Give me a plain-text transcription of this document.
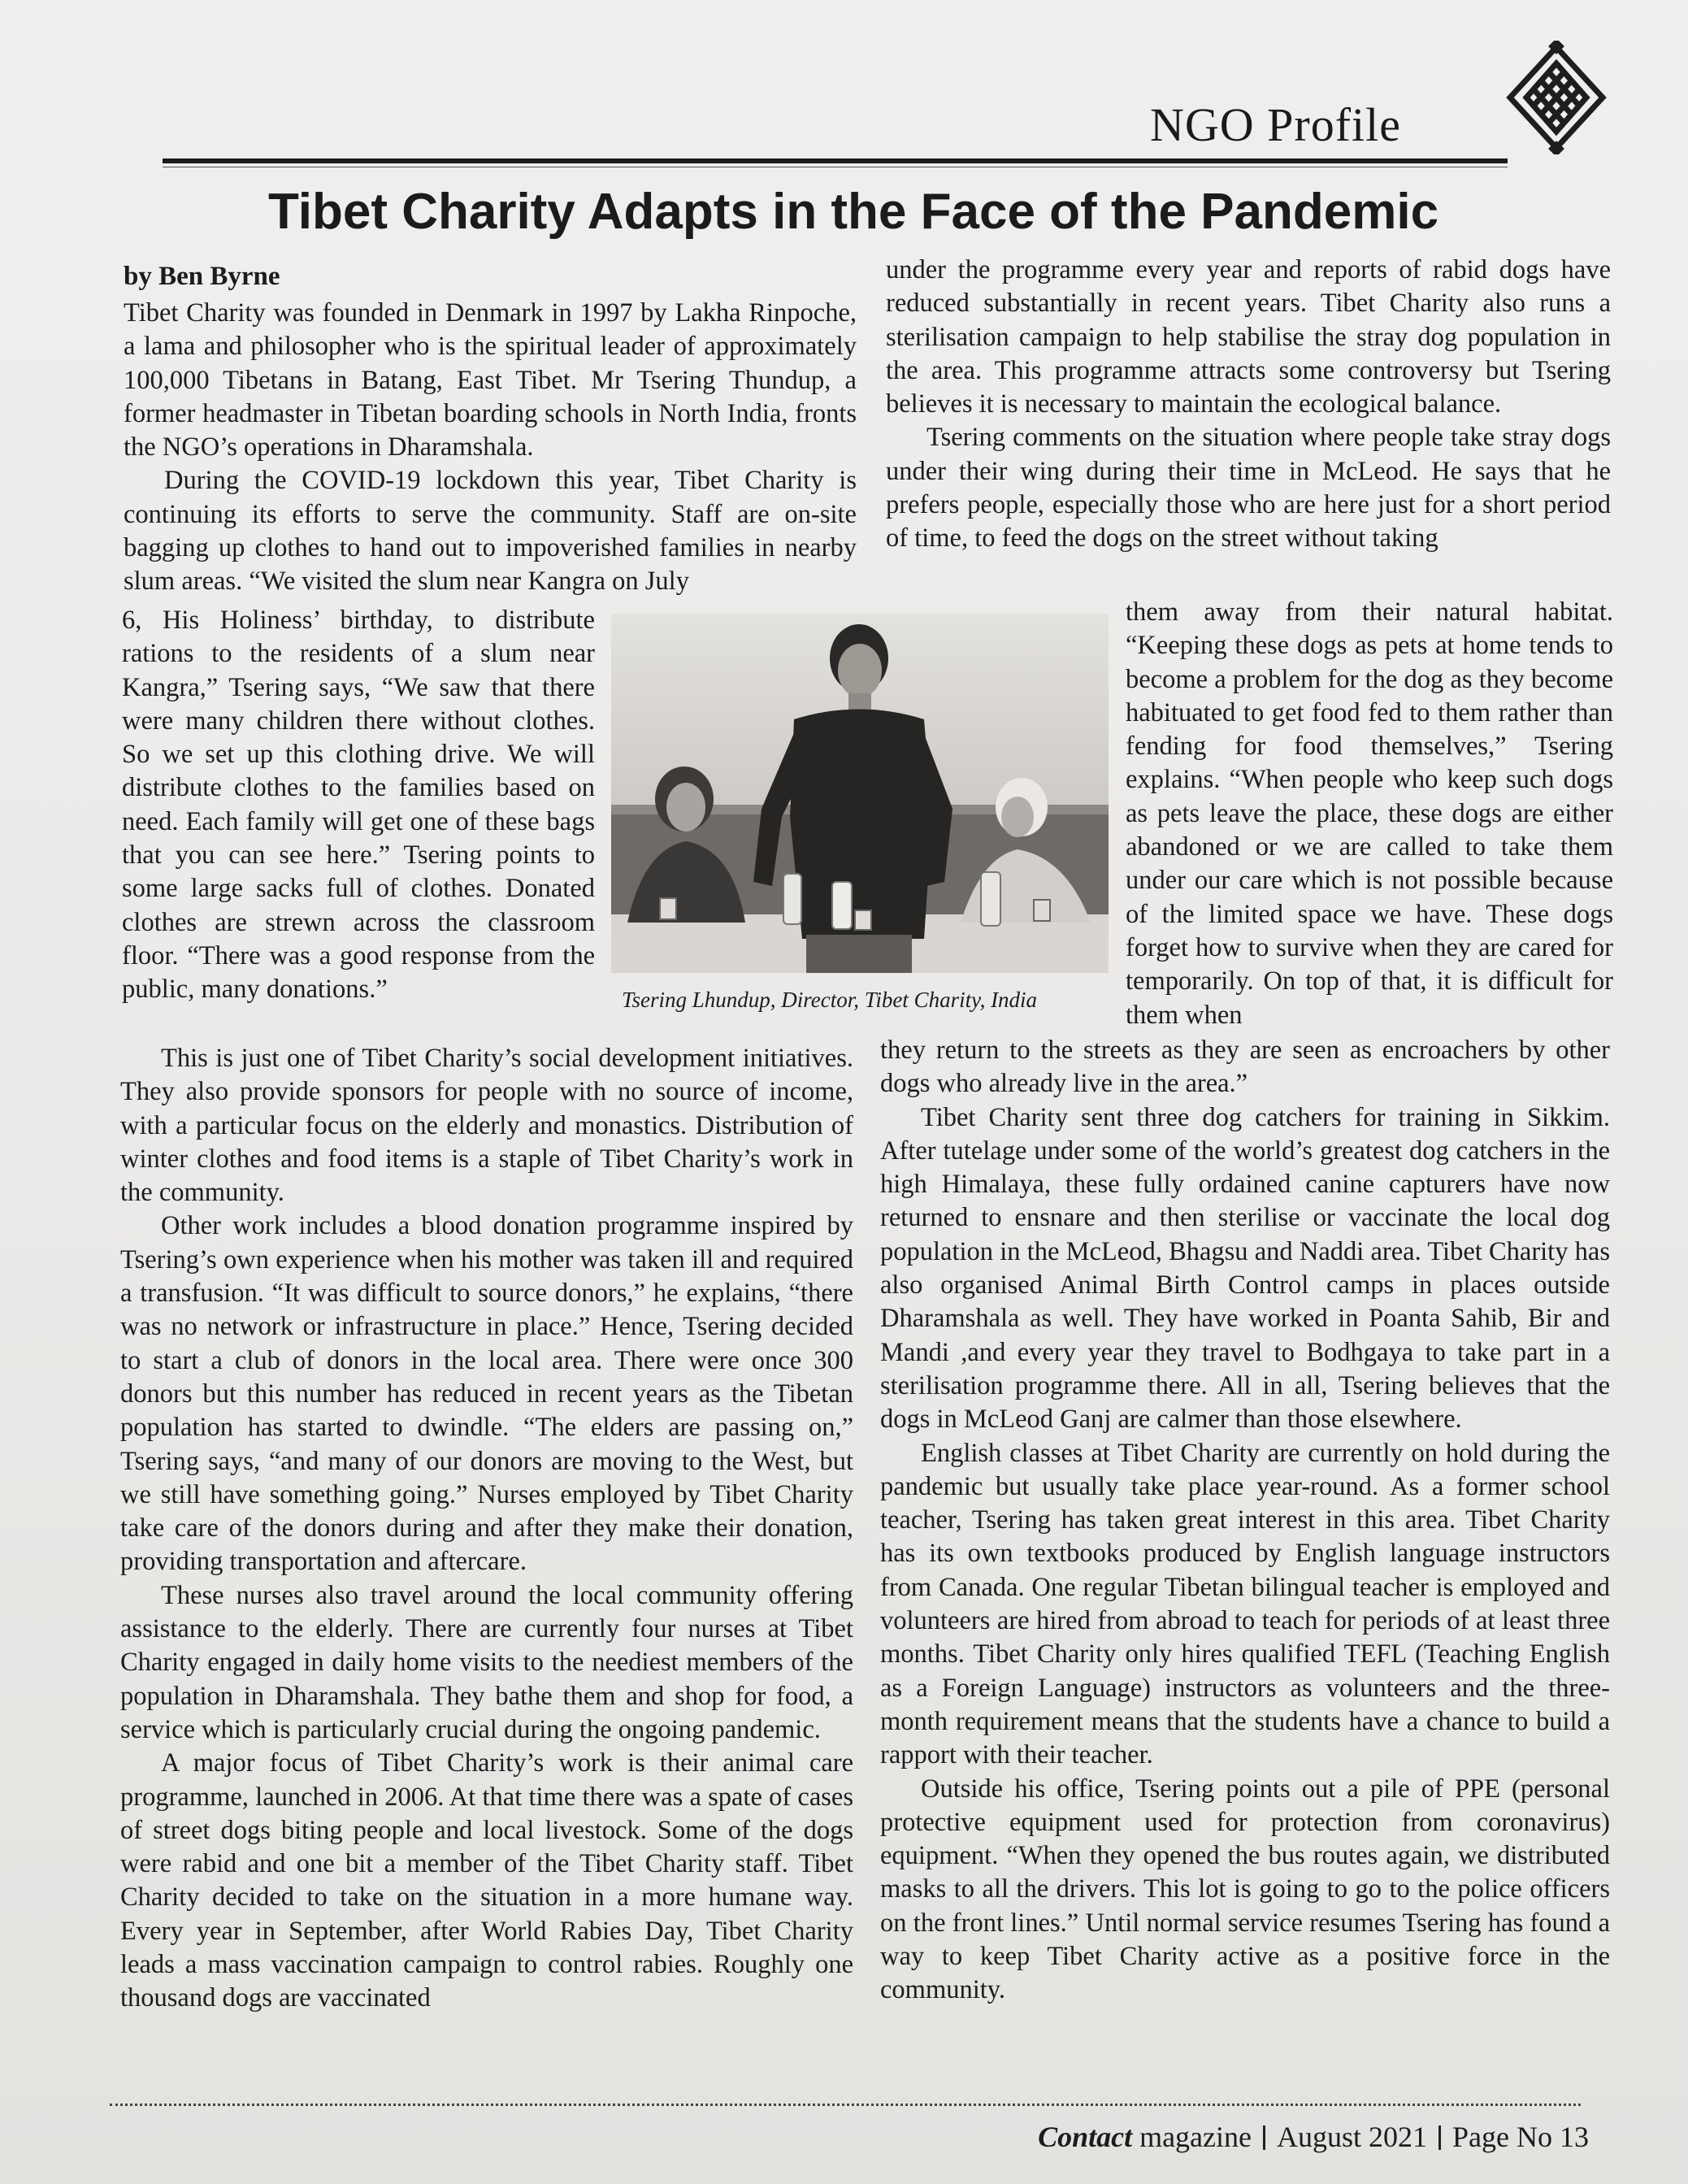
NGO Profile
Tibet Charity Adapts in the Face of the Pandemic
by Ben Byrne

Tibet Charity was founded in Denmark in 1997 by Lakha Rinpoche, a lama and philosopher who is the spiritual leader of approximately 100,000 Tibetans in Batang, East Tibet. Mr Tsering Thundup, a former headmaster in Tibetan boarding schools in North India, fronts the NGO’s operations in Dharamshala.

During the COVID-19 lockdown this year, Tibet Charity is continuing its efforts to serve the community. Staff are on-site bagging up clothes to hand out to impoverished families in nearby slum areas. “We visited the slum near Kangra on July

6, His Holiness’ birthday, to distribute rations to the residents of a slum near Kangra,” Tsering says, “We saw that there were many children there without clothes. So we set up this clothing drive. We will distribute clothes to the families based on need. Each family will get one of these bags that you can see here.” Tsering points to some large sacks full of clothes. Donated clothes are strewn across the classroom floor. “There was a good response from the public, many donations.”

This is just one of Tibet Charity’s social development initiatives. They also provide sponsors for people with no source of income, with a particular focus on the elderly and monastics. Distribution of winter clothes and food items is a staple of Tibet Charity’s work in the community.

Other work includes a blood donation programme inspired by Tsering’s own experience when his mother was taken ill and required a transfusion. “It was difficult to source donors,” he explains, “there was no network or infrastructure in place.” Hence, Tsering decided to start a club of donors in the local area. There were once 300 donors but this number has reduced in recent years as the Tibetan population has started to dwindle. “The elders are passing on,” Tsering says, “and many of our donors are moving to the West, but we still have something going.” Nurses employed by Tibet Charity take care of the donors during and after they make their donation, providing transportation and aftercare.

These nurses also travel around the local community offering assistance to the elderly. There are currently four nurses at Tibet Charity engaged in daily home visits to the neediest members of the population in Dharamshala. They bathe them and shop for food, a service which is particularly crucial during the ongoing pandemic.

A major focus of Tibet Charity’s work is their animal care programme, launched in 2006. At that time there was a spate of cases of street dogs biting people and local livestock. Some of the dogs were rabid and one bit a member of the Tibet Charity staff. Tibet Charity decided to take on the situation in a more humane way. Every year in September, after World Rabies Day, Tibet Charity leads a mass vaccination campaign to control rabies. Roughly one thousand dogs are vaccinated

under the programme every year and reports of rabid dogs have reduced substantially in recent years. Tibet Charity also runs a sterilisation campaign to help stabilise the stray dog population in the area. This programme attracts some controversy but Tsering believes it is necessary to maintain the ecological balance.

Tsering comments on the situation where people take stray dogs under their wing during their time in McLeod. He says that he prefers people, especially those who are here just for a short period of time, to feed the dogs on the street without taking

them away from their natural habitat. “Keeping these dogs as pets at home tends to become a problem for the dog as they become habituated to get food fed to them rather than fending for food themselves,” Tsering explains. “When people who keep such dogs as pets leave the place, these dogs are either abandoned or we are called to take them under our care which is not possible because of the limited space we have. These dogs forget how to survive when they are cared for temporarily. On top of that, it is difficult for them when

they return to the streets as they are seen as encroachers by other dogs who already live in the area.”

Tibet Charity sent three dog catchers for training in Sikkim. After tutelage under some of the world’s greatest dog catchers in the high Himalaya, these fully ordained canine capturers have now returned to ensnare and then sterilise or vaccinate the local dog population in the McLeod, Bhagsu and Naddi area. Tibet Charity has also organised Animal Birth Control camps in places outside Dharamshala as well. They have worked in Poanta Sahib, Bir and Mandi ,and every year they travel to Bodhgaya to take part in a sterilisation programme there. All in all, Tsering believes that the dogs in McLeod Ganj are calmer than those elsewhere.

English classes at Tibet Charity are currently on hold during the pandemic but usually take place year-round. As a former school teacher, Tsering has taken great interest in this area. Tibet Charity has its own textbooks produced by English language instructors from Canada. One regular Tibetan bilingual teacher is employed and volunteers are hired from abroad to teach for periods of at least three months. Tibet Charity only hires qualified TEFL (Teaching English as a Foreign Language) instructors as volunteers and the three-month requirement means that the students have a chance to build a rapport with their teacher.

Outside his office, Tsering points out a pile of PPE (personal protective equipment used for protection from coronavirus) equipment. “When they opened the bus routes again, we distributed masks to all the drivers. This lot is going to go to the police officers on the front lines.” Until normal service resumes Tsering has found a way to keep Tibet Charity active as a positive force in the community.

Tsering Lhundup, Director, Tibet Charity, India
Contact magazine August 2021 Page No 13
